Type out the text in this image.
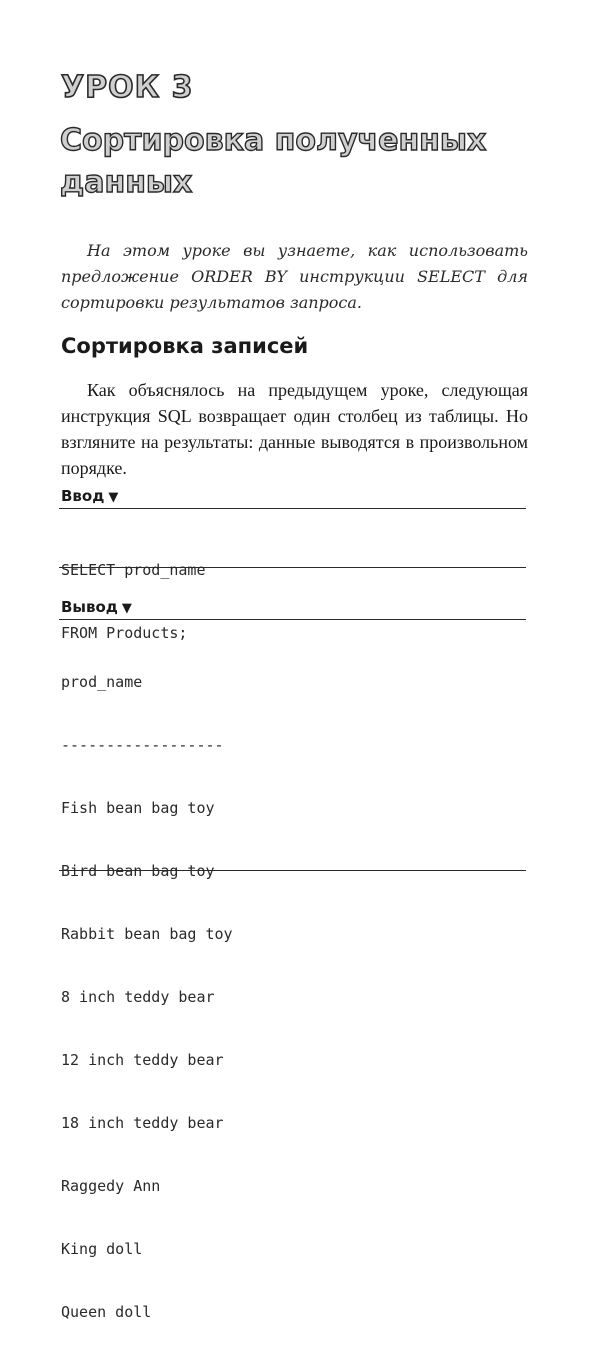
УРОК 3
Сортировка полученных данных
На этом уроке вы узнаете, как использовать предложение ORDER BY инструкции SELECT для сортировки результатов запроса.
Сортировка записей
Как объяснялось на предыдущем уроке, следующая инструкция SQL возвращает один столбец из таблицы. Но взгляните на результаты: данные выводятся в произвольном порядке.
Ввод ▼

SELECT prod_name

FROM Products;

Вывод ▼

prod_name

------------------

Fish bean bag toy

Bird bean bag toy

Rabbit bean bag toy

8 inch teddy bear

12 inch teddy bear

18 inch teddy bear

Raggedy Ann

King doll

Queen doll
